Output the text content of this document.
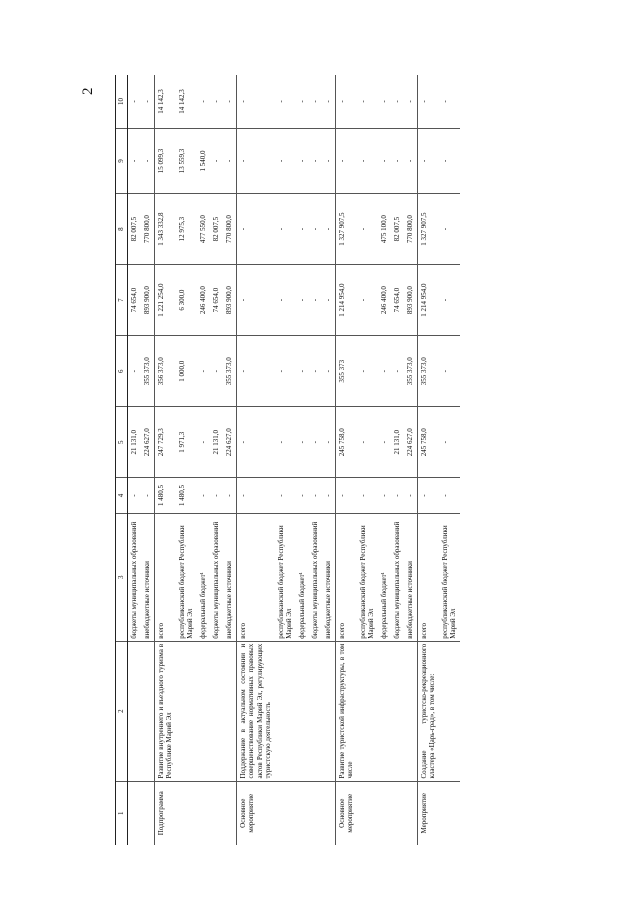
2
1	2	3	4	5	6	7	8	9	10
		бюджеты муниципальных образований	-	21 131,0	-	74 654,0	82 007,5	-	-
		внебюджетные источники	-	224 627,0	355 373,0	893 900,0	770 800,0	-	-
Подпрограмма	Развитие внутреннего и въездного туризма в Республике Марий Эл	всего	1 480,5	247 729,3	356 373,0	1 221 254,0	1 343 332,8	15 099,3	14 142,3
		республиканский бюджет Республики Марий Эл	1 480,5	1 971,3	1 000,0	6 300,0	12 975,3	13 559,3	14 142,3
		федеральный бюджет¹	-	-	-	246 400,0	477 550,0	1 540,0	-
		бюджеты муниципальных образований	-	21 131,0	-	74 654,0	82 007,5	-	-
		внебюджетные источники	-	224 627,0	355 373,0	893 900,0	770 800,0	-	-
Основное мероприятие	Поддержание в актуальном состоянии и совершенствование нормативных правовых актов Республики Марий Эл, регулирующих туристскую деятельность	всего	-	-	-	-	-	-	-
		республиканский бюджет Республики Марий Эл	-	-	-	-	-	-	-
		федеральный бюджет¹	-	-	-	-	-	-	-
		бюджеты муниципальных образований	-	-	-	-	-	-	-
		внебюджетные источники	-	-	-	-	-	-	-
Основное мероприятие	Развитие туристской инфраструктуры, в том числе	всего	-	245 758,0	355 373	1 214 954,0	1 327 907,5	-	-
		республиканский бюджет Республики Марий Эл	-	-	-	-	-	-	-
		федеральный бюджет¹	-	-	-	246 400,0	475 100,0	-	-
		бюджеты муниципальных образований	-	21 131,0	-	74 654,0	82 007,5	-	-
		внебюджетные источники	-	224 627,0	355 373,0	893 900,0	770 800,0	-	-
Мероприятие	Создание туристско-рекреационного кластера «Царь-град», в том числе:	всего	-	245 758,0	355 373,0	1 214 954,0	1 327 907,5	-	-
		республиканский бюджет Республики Марий Эл	-	-	-	-	-	-	-
